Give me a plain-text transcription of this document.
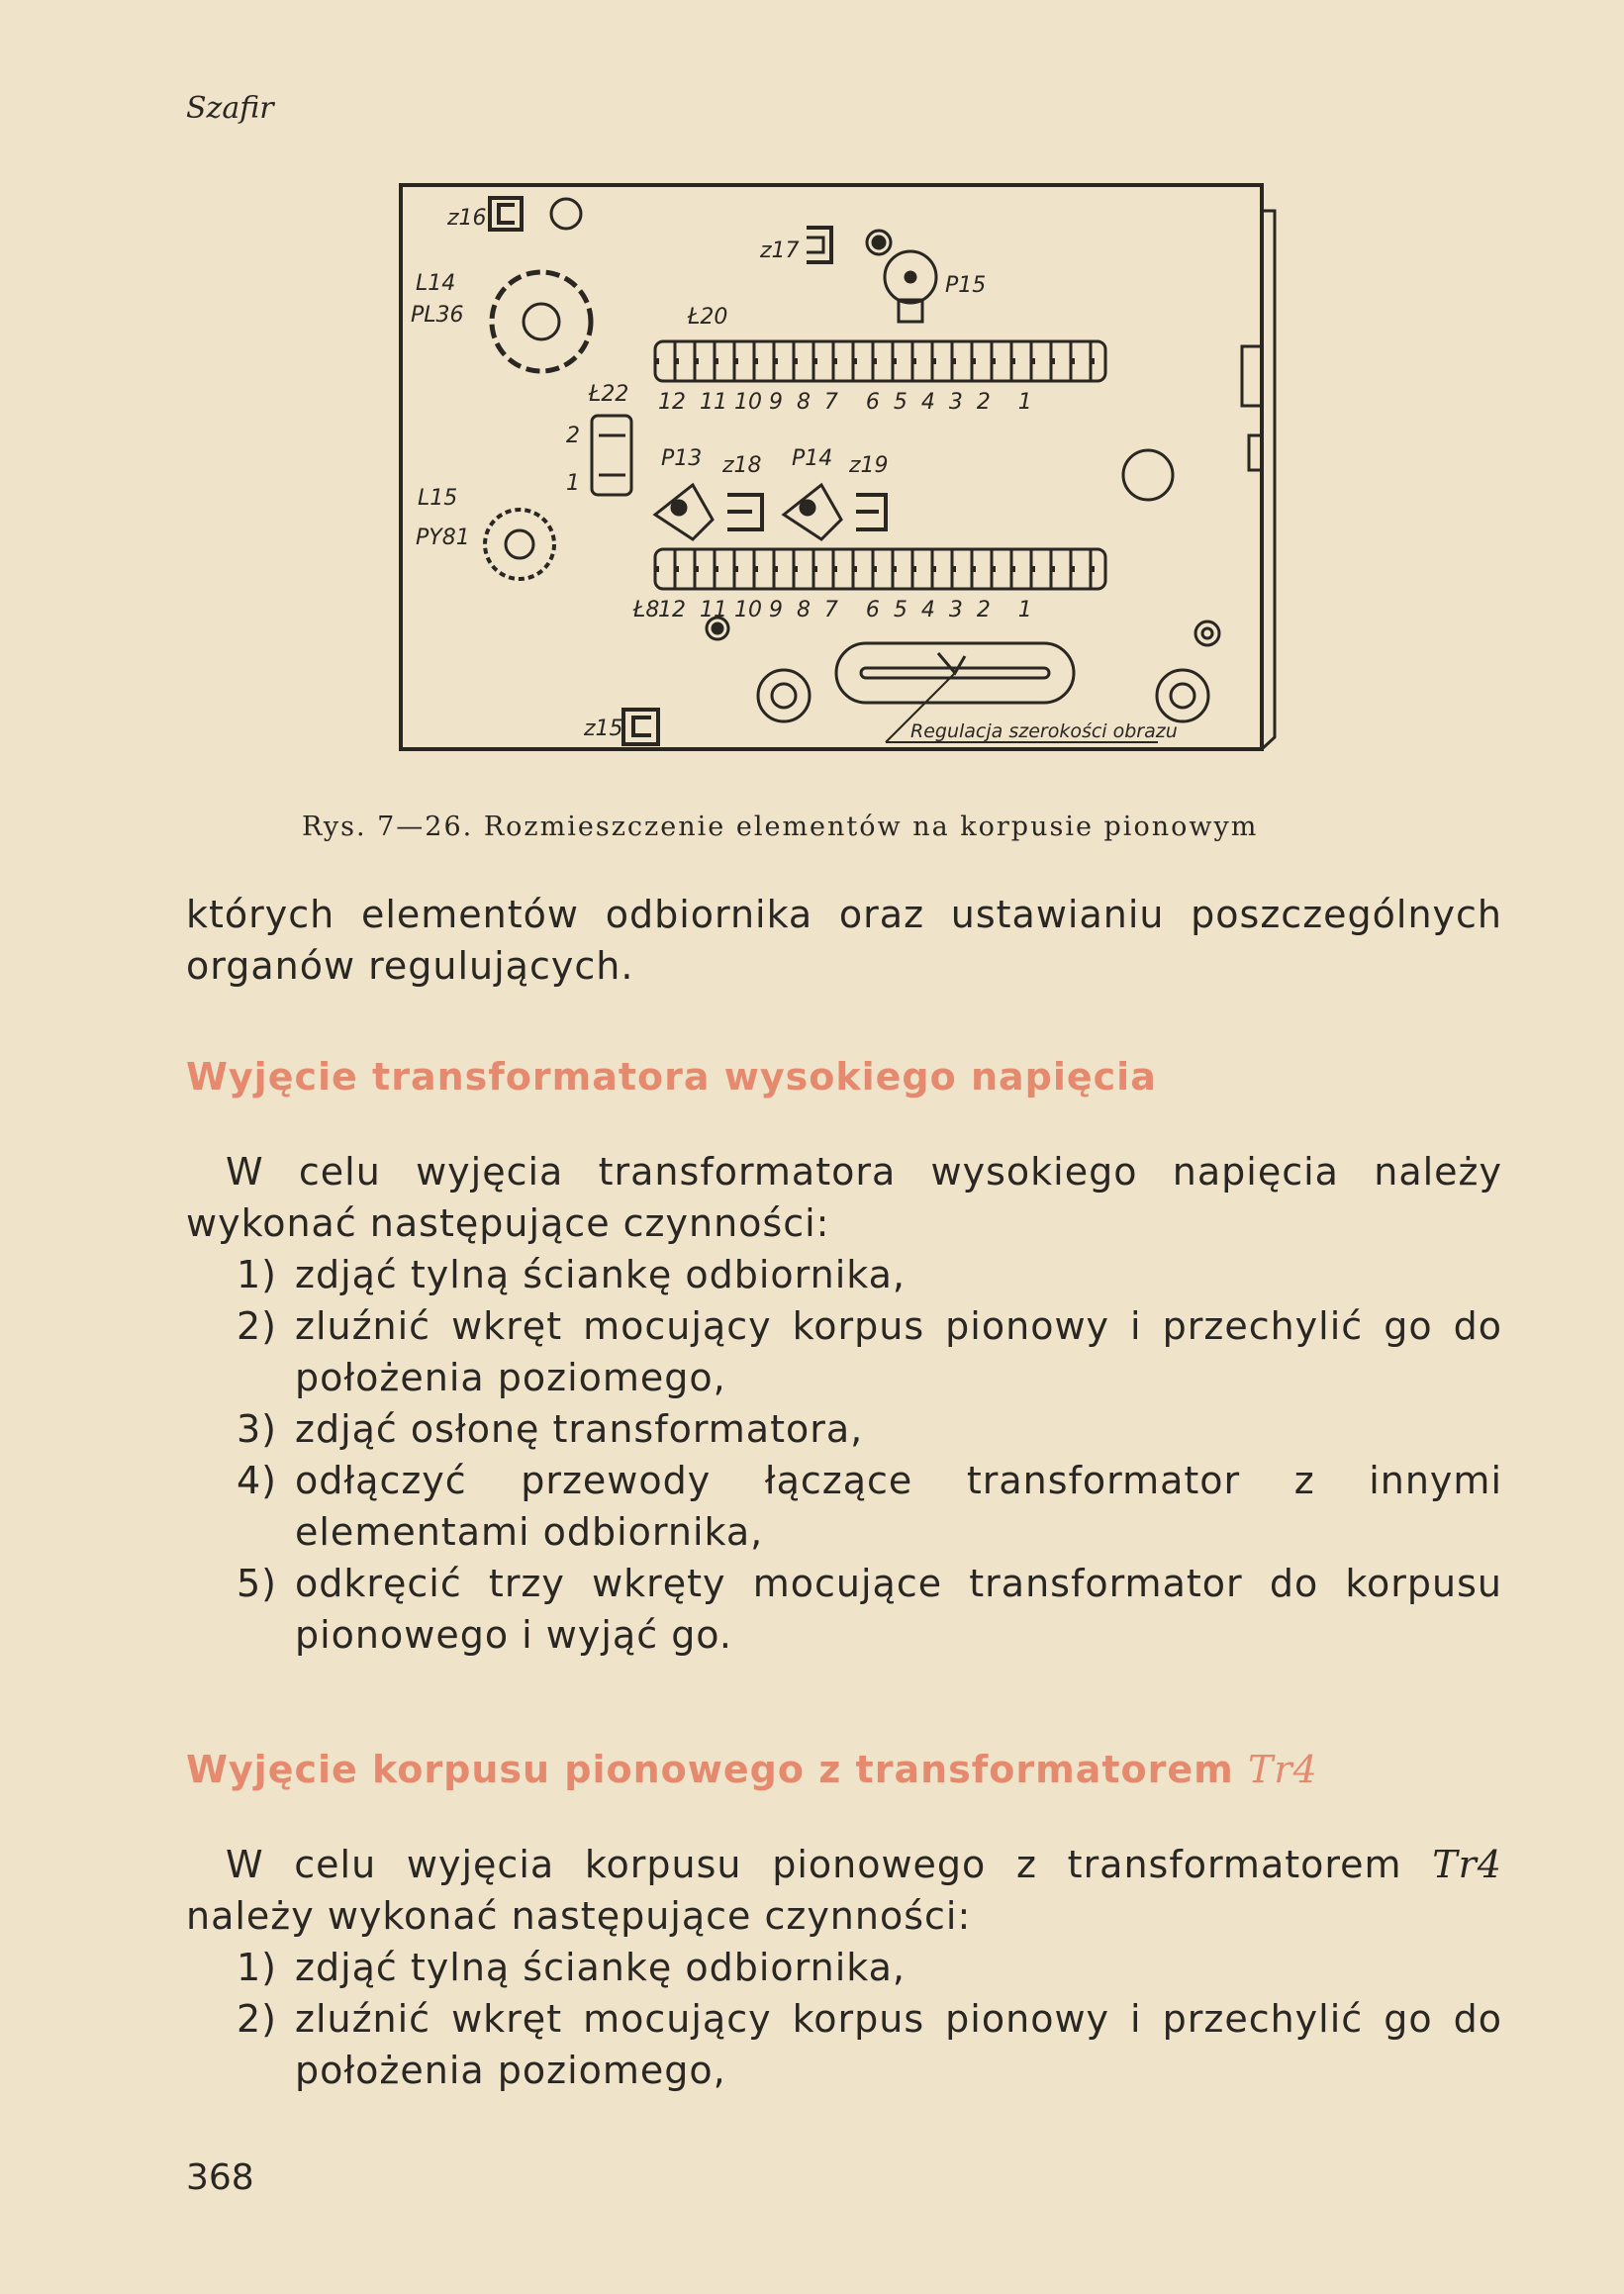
Szafir
z16
L14
PL36
z17
P15
Ł20
12  11 10 9  8  7    6  5  4  3  2    1
Ł22
2
1
P13 z18 P14 z19
L15
PY81
Ł8
12  11 10 9  8  7    6  5  4  3  2    1
Regulacja szerokości obrazu
z15
Rys. 7—26. Rozmieszczenie elementów na korpusie pionowym
których elementów odbiornika oraz ustawianiu poszczególnych organów regulujących.
Wyjęcie transformatora wysokiego napięcia
W celu wyjęcia transformatora wysokiego napięcia należy wykonać następujące czynności:
1) zdjąć tylną ściankę odbiornika,
2) zluźnić wkręt mocujący korpus pionowy i przechylić go do położenia poziomego,
3) zdjąć osłonę transformatora,
4) odłączyć przewody łączące transformator z innymi elementami odbiornika,
5) odkręcić trzy wkręty mocujące transformator do korpusu pionowego i wyjąć go.
Wyjęcie korpusu pionowego z transformatorem Tr4
W celu wyjęcia korpusu pionowego z transformatorem Tr4 należy wykonać następujące czynności:
1) zdjąć tylną ściankę odbiornika,
2) zluźnić wkręt mocujący korpus pionowy i przechylić go do położenia poziomego,
368
